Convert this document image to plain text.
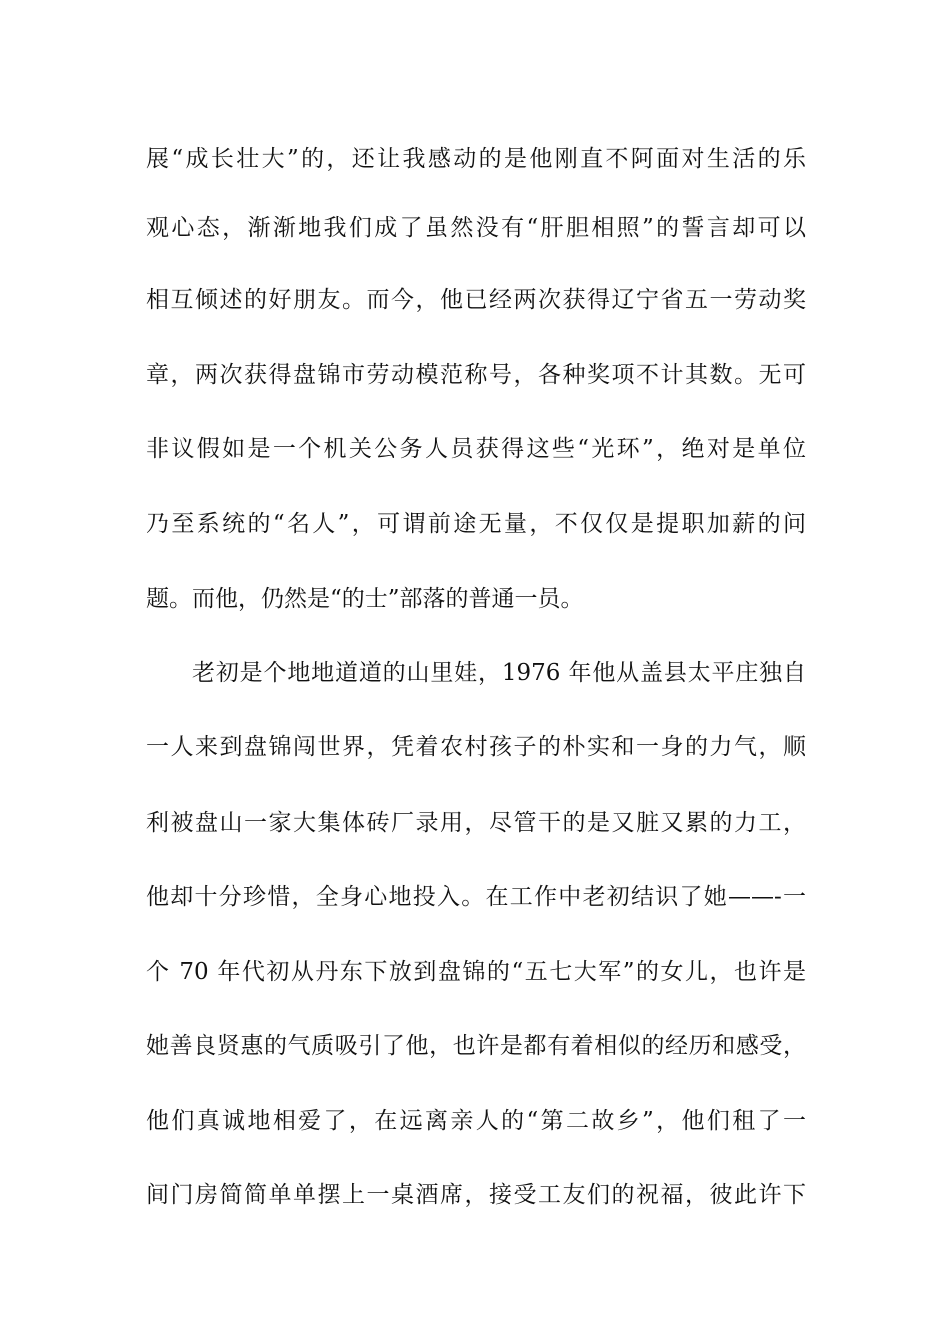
展“成长壮大”的，还让我感动的是他刚直不阿面对生活的乐
观心态，渐渐地我们成了虽然没有“肝胆相照”的誓言却可以
相互倾述的好朋友。而今，他已经两次获得辽宁省五一劳动奖
章，两次获得盘锦市劳动模范称号，各种奖项不计其数。无可
非议假如是一个机关公务人员获得这些“光环”，绝对是单位
乃至系统的“名人”，可谓前途无量，不仅仅是提职加薪的问
题。而他，仍然是“的士”部落的普通一员。
老初是个地地道道的山里娃，1976 年他从盖县太平庄独自
一人来到盘锦闯世界，凭着农村孩子的朴实和一身的力气，顺
利被盘山一家大集体砖厂录用，尽管干的是又脏又累的力工，
他却十分珍惜，全身心地投入。在工作中老初结识了她——-一
个 70 年代初从丹东下放到盘锦的“五七大军”的女儿，也许是
她善良贤惠的气质吸引了他，也许是都有着相似的经历和感受，
他们真诚地相爱了，在远离亲人的“第二故乡”，他们租了一
间门房简简单单摆上一桌酒席，接受工友们的祝福，彼此许下
